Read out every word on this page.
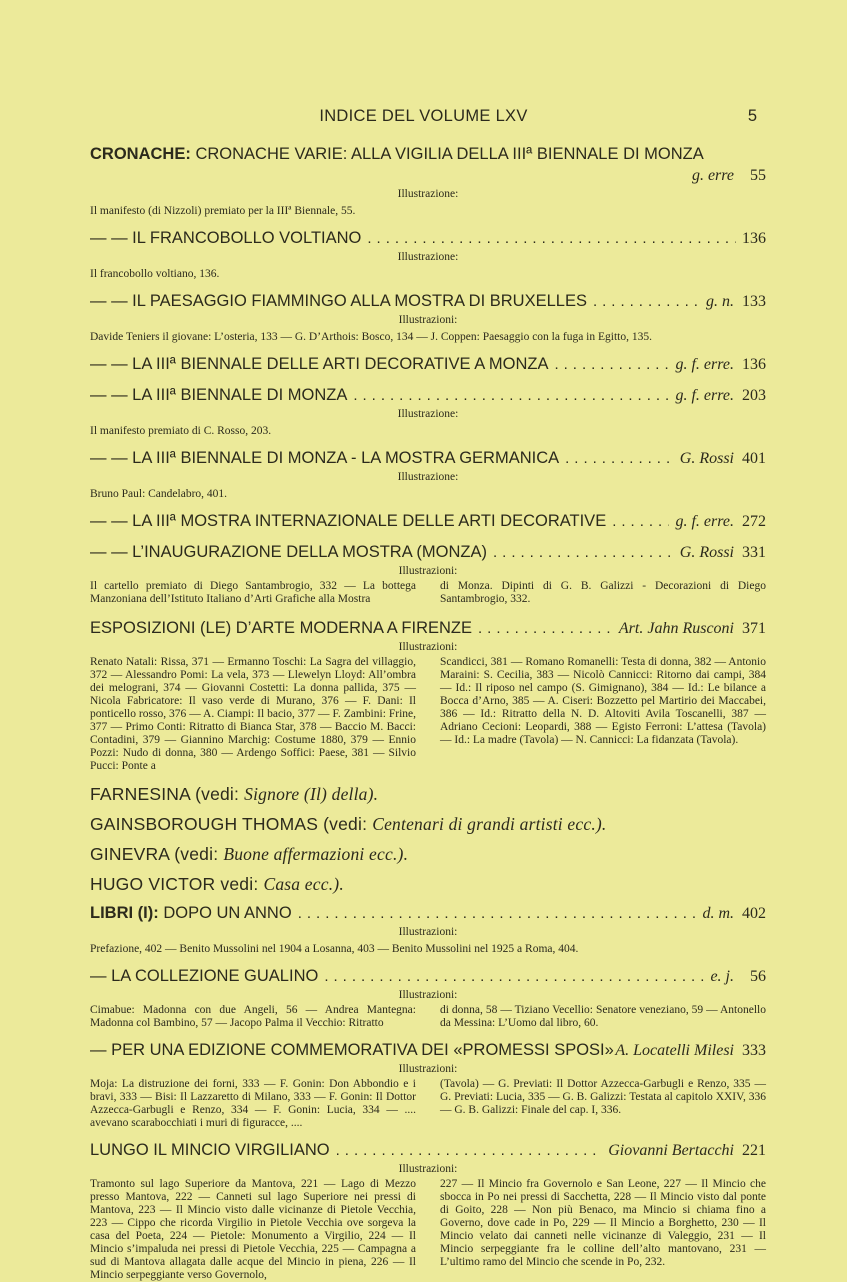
INDICE DEL VOLUME LXV	5
CRONACHE:
CRONACHE VARIE: ALLA VIGILIA DELLA IIIª BIENNALE DI MONZA
g. erre	55
Illustrazione:
Il manifesto (di Nizzoli) premiato per la IIIª Biennale, 55.
— — IL FRANCOBOLLO VOLTIANO .....	136
Illustrazione:
Il francobollo voltiano, 136.
— — IL PAESAGGIO FIAMMINGO ALLA MOSTRA DI BRUXELLES .....	g. n. 133
Illustrazioni:
Davide Teniers il giovane: L’osteria, 133 — G. D’Arthois: Bosco, 134 — J. Coppen: Paesaggio con la fuga in Egitto, 135.
— — LA IIIª BIENNALE DELLE ARTI DECORATIVE A MONZA .....	g. f. erre. 136
— — LA IIIª BIENNALE DI MONZA .....	g. f. erre. 203
Illustrazione:
Il manifesto premiato di C. Rosso, 203.
— — LA IIIª BIENNALE DI MONZA - LA MOSTRA GERMANICA .....	G. Rossi 401
Illustrazione:
Bruno Paul: Candelabro, 401.
— — LA IIIª MOSTRA INTERNAZIONALE DELLE ARTI DECORATIVE .....	g. f. erre. 272
— — L’INAUGURAZIONE DELLA MOSTRA (MONZA) .....	G. Rossi 331
Illustrazioni:
Il cartello premiato di Diego Santambrogio, 332 — La bottega Manzoniana dell’Istituto Italiano d’Arti Grafiche alla Mostra
di Monza. Dipinti di G. B. Galizzi - Decorazioni di Diego Santambrogio, 332.
ESPOSIZIONI (LE) D’ARTE MODERNA A FIRENZE .....	Art. Jahn Rusconi 371
Illustrazioni:
Renato Natali: Rissa, 371 — Ermanno Toschi: La Sagra del villaggio, 372 — Alessandro Pomi: La vela, 373 — Llewelyn Lloyd: All’ombra dei melograni, 374 — Giovanni Costetti: La donna pallida, 375 — Nicola Fabricatore: Il vaso verde di Murano, 376 — F. Dani: Il ponticello rosso, 376 — A. Ciampi: Il bacio, 377 — F. Zambini: Frine, 377 — Primo Conti: Ritratto di Bianca Star, 378 — Baccio M. Bacci: Contadini, 379 — Giannino Marchig: Costume 1880, 379 — Ennio Pozzi: Nudo di donna, 380 — Ardengo Soffici: Paese, 381 — Silvio Pucci: Ponte a
Scandicci, 381 — Romano Romanelli: Testa di donna, 382 — Antonio Maraini: S. Cecilia, 383 — Nicolò Cannicci: Ritorno dai campi, 384 — Id.: Il riposo nel campo (S. Gimignano), 384 — Id.: Le bilance a Bocca d’Arno, 385 — A. Ciseri: Bozzetto pel Martirio dei Maccabei, 386 — Id.: Ritratto della N. D. Altoviti Avila Toscanelli, 387 — Adriano Cecioni: Leopardi, 388 — Egisto Ferroni: L’attesa (Tavola) — Id.: La madre (Tavola) — N. Cannicci: La fidanzata (Tavola).
FARNESINA (vedi: Signore (Il) della).
GAINSBOROUGH THOMAS (vedi: Centenari di grandi artisti ecc.).
GINEVRA (vedi: Buone affermazioni ecc.).
HUGO VICTOR vedi: Casa ecc.).
LIBRI (I):
DOPO UN ANNO .....	d. m. 402
Illustrazioni:
Prefazione, 402 — Benito Mussolini nel 1904 a Losanna, 403 — Benito Mussolini nel 1925 a Roma, 404.
— LA COLLEZIONE GUALINO .....	e. j.	56
Illustrazioni:
Cimabue: Madonna con due Angeli, 56 — Andrea Mantegna: Madonna col Bambino, 57 — Jacopo Palma il Vecchio: Ritratto
di donna, 58 — Tiziano Vecellio: Senatore veneziano, 59 — Antonello da Messina: L’Uomo dal libro, 60.
— PER UNA EDIZIONE COMMEMORATIVA DEI «PROMESSI SPOSI» A. Locatelli Milesi 333
Illustrazioni:
Moja: La distruzione dei forni, 333 — F. Gonin: Don Abbondio e i bravi, 333 — Bisi: Il Lazzaretto di Milano, 333 — F. Gonin: Il Dottor Azzecca-Garbugli e Renzo, 334 — F. Gonin: Lucia, 334 — .... avevano scarabocchiati i muri di figuracce, ....
(Tavola) — G. Previati: Il Dottor Azzecca-Garbugli e Renzo, 335 — G. Previati: Lucia, 335 — G. B. Galizzi: Testata al capitolo XXIV, 336 — G. B. Galizzi: Finale del cap. I, 336.
LUNGO IL MINCIO VIRGILIANO .....	Giovanni Bertacchi 221
Illustrazioni:
Tramonto sul lago Superiore da Mantova, 221 — Lago di Mezzo presso Mantova, 222 — Canneti sul lago Superiore nei pressi di Mantova, 223 — Il Mincio visto dalle vicinanze di Pietole Vecchia, 223 — Cippo che ricorda Virgilio in Pietole Vecchia ove sorgeva la casa del Poeta, 224 — Pietole: Monumento a Virgilio, 224 — Il Mincio s’impaluda nei pressi di Pietole Vecchia, 225 — Campagna a sud di Mantova allagata dalle acque del Mincio in piena, 226 — Il Mincio serpeggiante verso Governolo,
227 — Il Mincio fra Governolo e San Leone, 227 — Il Mincio che sbocca in Po nei pressi di Sacchetta, 228 — Il Mincio visto dal ponte di Goito, 228 — Non più Benaco, ma Mincio si chiama fino a Governo, dove cade in Po, 229 — Il Mincio a Borghetto, 230 — Il Mincio velato dai canneti nelle vicinanze di Valeggio, 231 — Il Mincio serpeggiante fra le colline dell’alto mantovano, 231 — L’ultimo ramo del Mincio che scende in Po, 232.
